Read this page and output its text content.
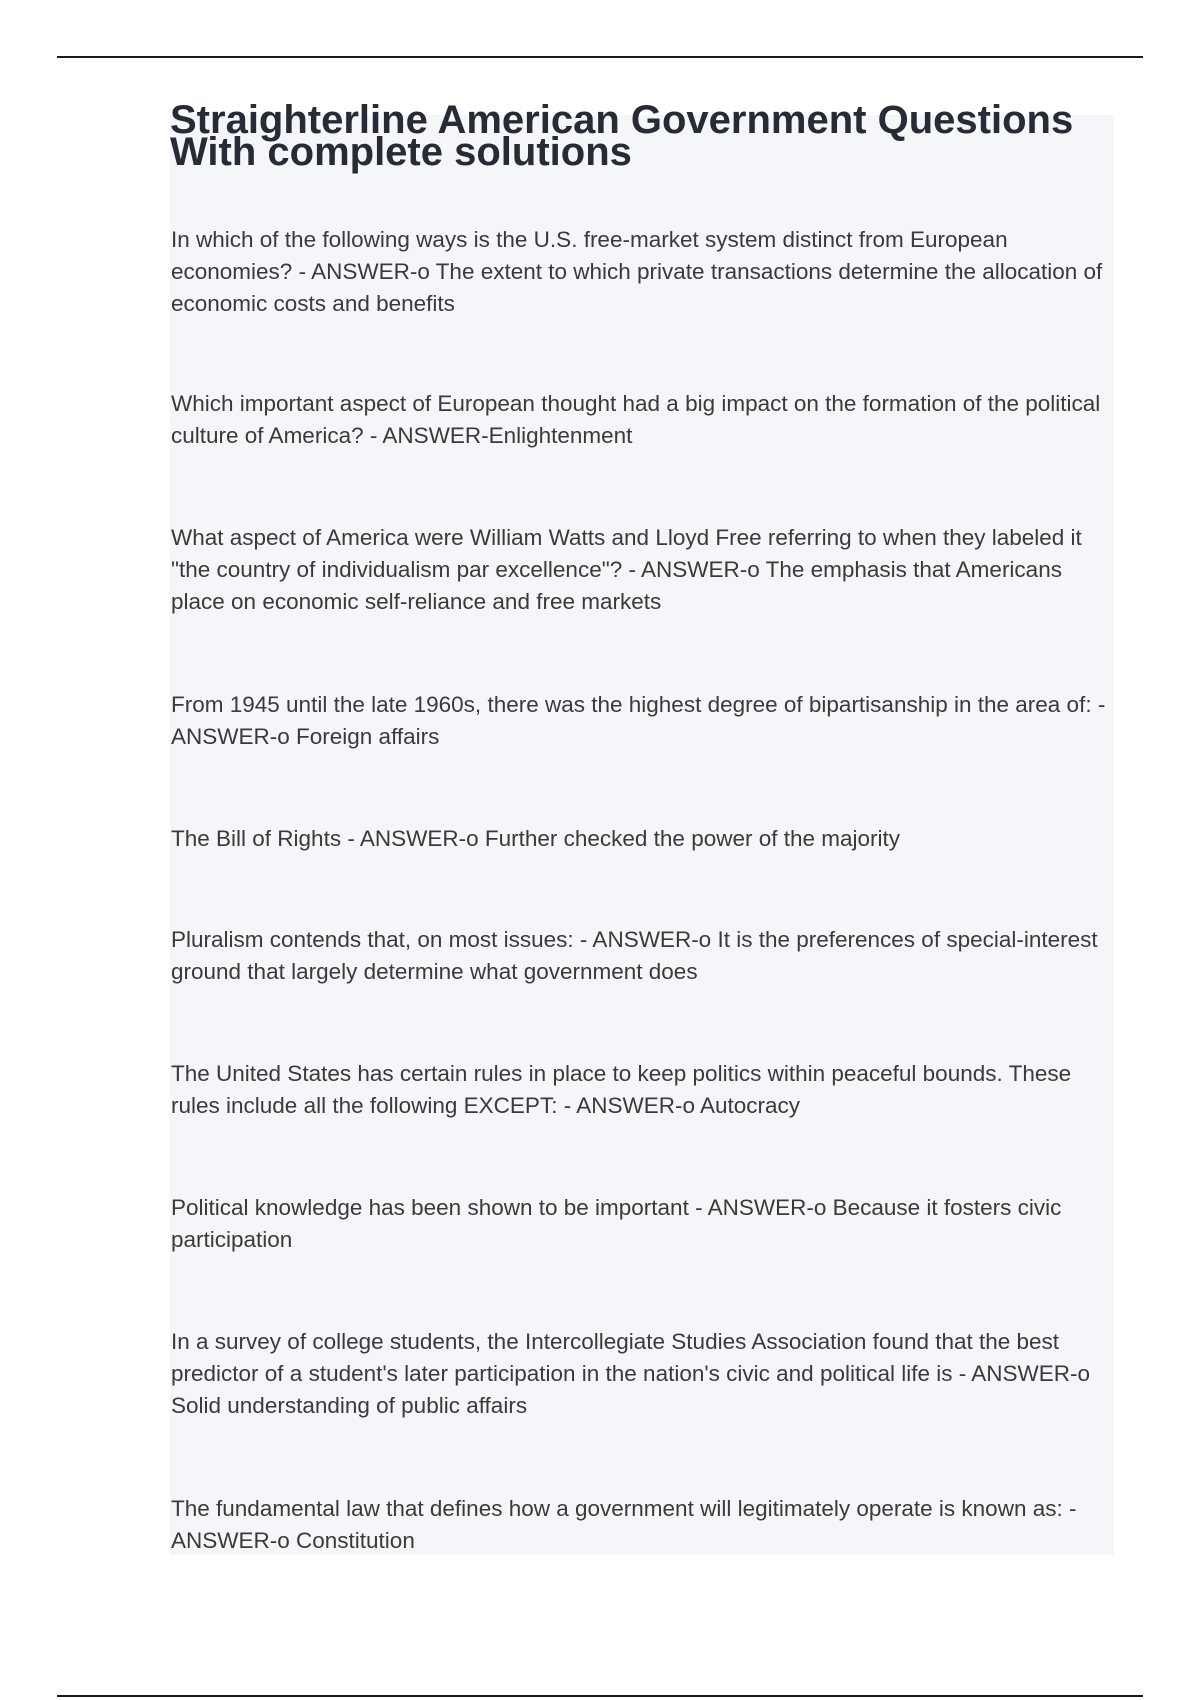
Straighterline American Government Questions With complete solutions
In which of the following ways is the U.S. free-market system distinct from European economies? - ANSWER-o The extent to which private transactions determine the allocation of economic costs and benefits
Which important aspect of European thought had a big impact on the formation of the political culture of America? - ANSWER-Enlightenment
What aspect of America were William Watts and Lloyd Free referring to when they labeled it "the country of individualism par excellence"? - ANSWER-o The emphasis that Americans place on economic self-reliance and free markets
From 1945 until the late 1960s, there was the highest degree of bipartisanship in the area of: - ANSWER-o Foreign affairs
The Bill of Rights - ANSWER-o Further checked the power of the majority
Pluralism contends that, on most issues: - ANSWER-o It is the preferences of special-interest ground that largely determine what government does
The United States has certain rules in place to keep politics within peaceful bounds. These rules include all the following EXCEPT: - ANSWER-o Autocracy
Political knowledge has been shown to be important - ANSWER-o Because it fosters civic participation
In a survey of college students, the Intercollegiate Studies Association found that the best predictor of a student's later participation in the nation's civic and political life is - ANSWER-o Solid understanding of public affairs
The fundamental law that defines how a government will legitimately operate is known as: - ANSWER-o Constitution
